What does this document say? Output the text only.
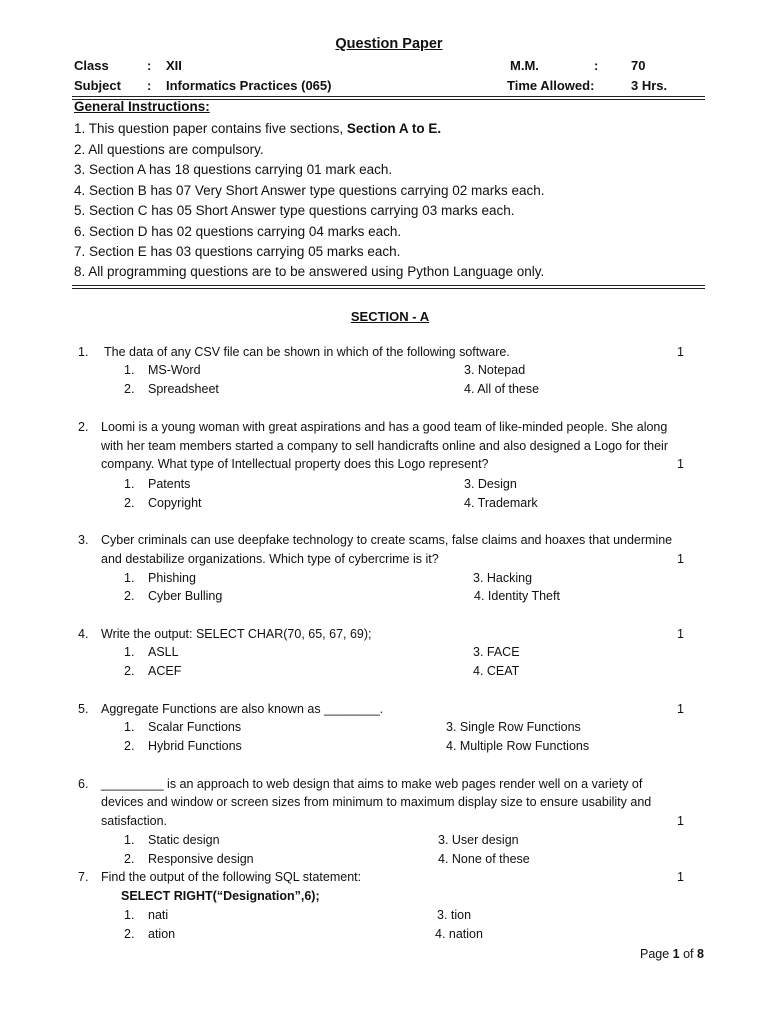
Question Paper
Class	: XII	M.M.	:	70
Subject : Informatics Practices (065)	Time Allowed:	3 Hrs.
General Instructions:
1. This question paper contains five sections, Section A to E.
2. All questions are compulsory.
3. Section A has 18 questions carrying 01 mark each.
4. Section B has 07 Very Short Answer type questions carrying 02 marks each.
5. Section C has 05 Short Answer type questions carrying 03 marks each.
6. Section D has 02 questions carrying 04 marks each.
7. Section E has 03 questions carrying 05 marks each.
8. All programming questions are to be answered using Python Language only.
SECTION - A
1. The data of any CSV file can be shown in which of the following software.	1
1. MS-Word	3. Notepad
2. Spreadsheet	4. All of these
2. Loomi is a young woman with great aspirations and has a good team of like-minded people. She along
with her team members started a company to sell handicrafts online and also designed a Logo for their
company. What type of Intellectual property does this Logo represent?	1
1. Patents	3. Design
2. Copyright	4. Trademark
3. Cyber criminals can use deepfake technology to create scams, false claims and hoaxes that undermine
and destabilize organizations. Which type of cybercrime is it?	1
1. Phishing	3. Hacking
2. Cyber Bulling	4. Identity Theft
4. Write the output: SELECT CHAR(70, 65, 67, 69);	1
1. ASLL	3. FACE
2. ACEF	4. CEAT
5. Aggregate Functions are also known as ________.	1
1. Scalar Functions	3. Single Row Functions
2. Hybrid Functions	4. Multiple Row Functions
6. _________ is an approach to web design that aims to make web pages render well on a variety of
devices and window or screen sizes from minimum to maximum display size to ensure usability and
satisfaction.	1
1. Static design	3. User design
2. Responsive design	4. None of these
7. Find the output of the following SQL statement:	1
SELECT RIGHT(“Designation”,6);
1. nati	3. tion
2. ation	4. nation
Page 1 of 8
